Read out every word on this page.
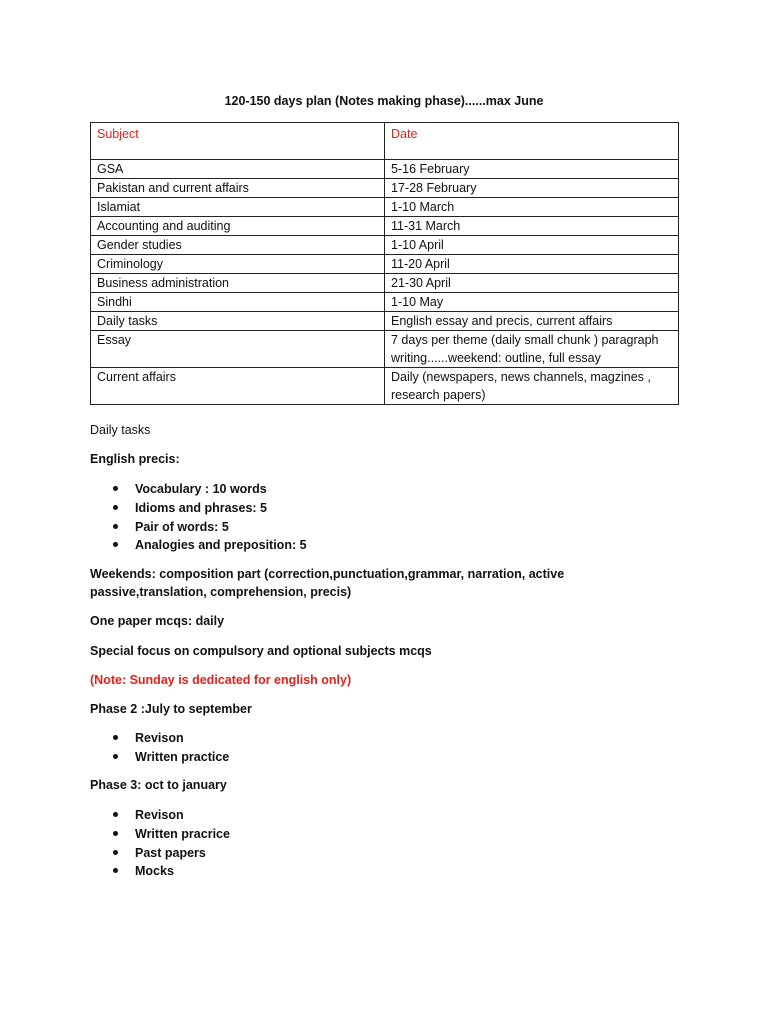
120-150 days plan (Notes making phase)......max June
Subject	Date
GSA	5-16 February
Pakistan and current affairs	17-28 February
Islamiat	1-10 March
Accounting and auditing	11-31 March
Gender studies	1-10 April
Criminology	11-20 April
Business administration	21-30 April
Sindhi	1-10 May
Daily tasks	English essay and precis, current affairs
Essay	7 days per theme (daily small chunk ) paragraph writing......weekend: outline, full essay
Current affairs	Daily (newspapers, news channels, magzines , research papers)
Daily tasks
English precis:
Vocabulary : 10 words
Idioms and phrases: 5
Pair of words: 5
Analogies and preposition: 5
Weekends: composition part (correction,punctuation,grammar, narration, active passive,translation, comprehension, precis)
One paper mcqs: daily
Special focus on compulsory and optional subjects mcqs
(Note: Sunday is dedicated for english only)
Phase 2 :July to september
Revison
Written practice
Phase 3: oct to january
Revison
Written pracrice
Past papers
Mocks
